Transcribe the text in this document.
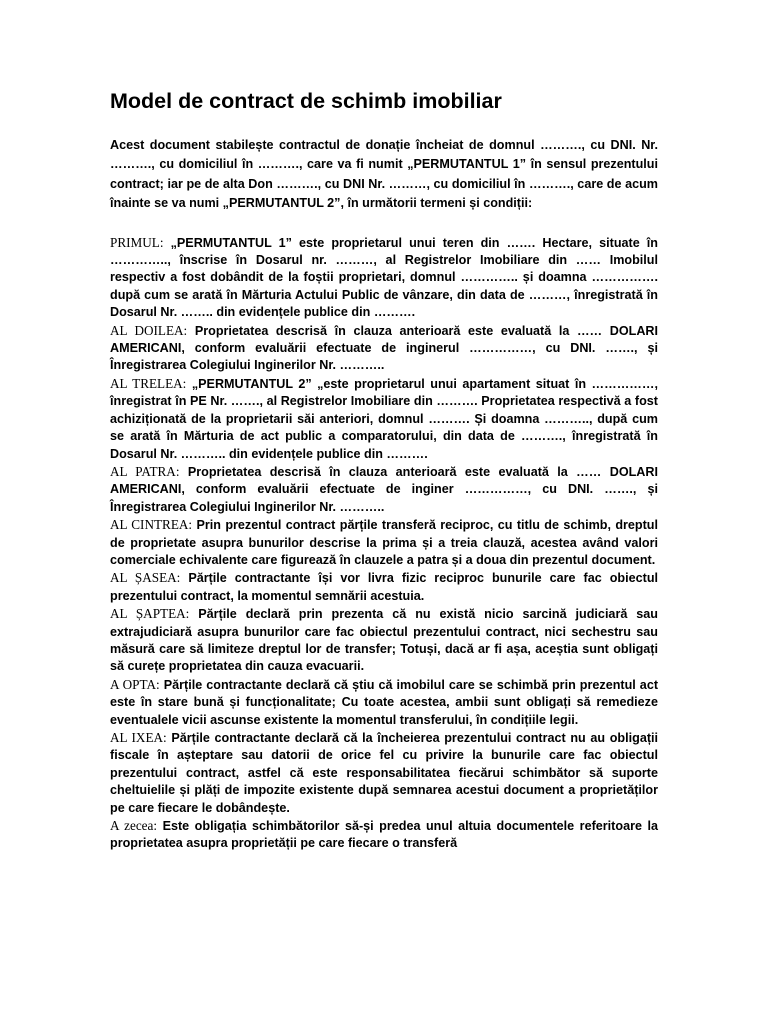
Model de contract de schimb imobiliar

Acest document stabilește contractul de donație încheiat de domnul ………., cu DNI. Nr. ………., cu domiciliul în ………., care va fi numit „PERMUTANTUL 1” în sensul prezentului contract; iar pe de alta Don ………., cu DNI Nr. ………, cu domiciliul în ………., care de acum înainte se va numi „PERMUTANTUL 2”, în următorii termeni și condiții:

PRIMUL: „PERMUTANTUL 1” este proprietarul unui teren din ……. Hectare, situate în ………….., înscrise în Dosarul nr. ………, al Registrelor Imobiliare din …… Imobilul respectiv a fost dobândit de la foștii proprietari, domnul ………….. și doamna ……………. după cum se arată în Mărturia Actului Public de vânzare, din data de ………, înregistrată în Dosarul Nr. …….. din evidențele publice din ……….

AL DOILEA: Proprietatea descrisă în clauza anterioară este evaluată la …… DOLARI AMERICANI, conform evaluării efectuate de inginerul ……………, cu DNI. ……., și Înregistrarea Colegiului Inginerilor Nr. ………..

AL TRELEA: „PERMUTANTUL 2” „este proprietarul unui apartament situat în ……………, înregistrat în PE Nr. ……., al Registrelor Imobiliare din ………. Proprietatea respectivă a fost achiziționată de la proprietarii săi anteriori, domnul ………. Și doamna ……….., după cum se arată în Mărturia de act public a comparatorului, din data de ………., înregistrată în Dosarul Nr. ……….. din evidențele publice din ……….

AL PATRA: Proprietatea descrisă în clauza anterioară este evaluată la …… DOLARI AMERICANI, conform evaluării efectuate de inginer ……………, cu DNI. ……., și Înregistrarea Colegiului Inginerilor Nr. ………..

AL CINTREA: Prin prezentul contract părțile transferă reciproc, cu titlu de schimb, dreptul de proprietate asupra bunurilor descrise la prima și a treia clauză, acestea având valori comerciale echivalente care figurează în clauzele a patra și a doua din prezentul document.

AL ȘASEA: Părțile contractante își vor livra fizic reciproc bunurile care fac obiectul prezentului contract, la momentul semnării acestuia.

AL ȘAPTEA: Părțile declară prin prezenta că nu există nicio sarcină judiciară sau extrajudiciară asupra bunurilor care fac obiectul prezentului contract, nici sechestru sau măsură care să limiteze dreptul lor de transfer; Totuși, dacă ar fi așa, aceștia sunt obligați să curețe proprietatea din cauza evacuarii.

A OPTA: Părțile contractante declară că știu că imobilul care se schimbă prin prezentul act este în stare bună și funcționalitate; Cu toate acestea, ambii sunt obligați să remedieze eventualele vicii ascunse existente la momentul transferului, în condițiile legii.

AL IXEA: Părțile contractante declară că la încheierea prezentului contract nu au obligații fiscale în așteptare sau datorii de orice fel cu privire la bunurile care fac obiectul prezentului contract, astfel că este responsabilitatea fiecărui schimbător să suporte cheltuielile și plăți de impozite existente după semnarea acestui document a proprietăților pe care fiecare le dobândește.

A zecea: Este obligația schimbătorilor să-și predea unul altuia documentele referitoare la proprietatea asupra proprietății pe care fiecare o transferă
